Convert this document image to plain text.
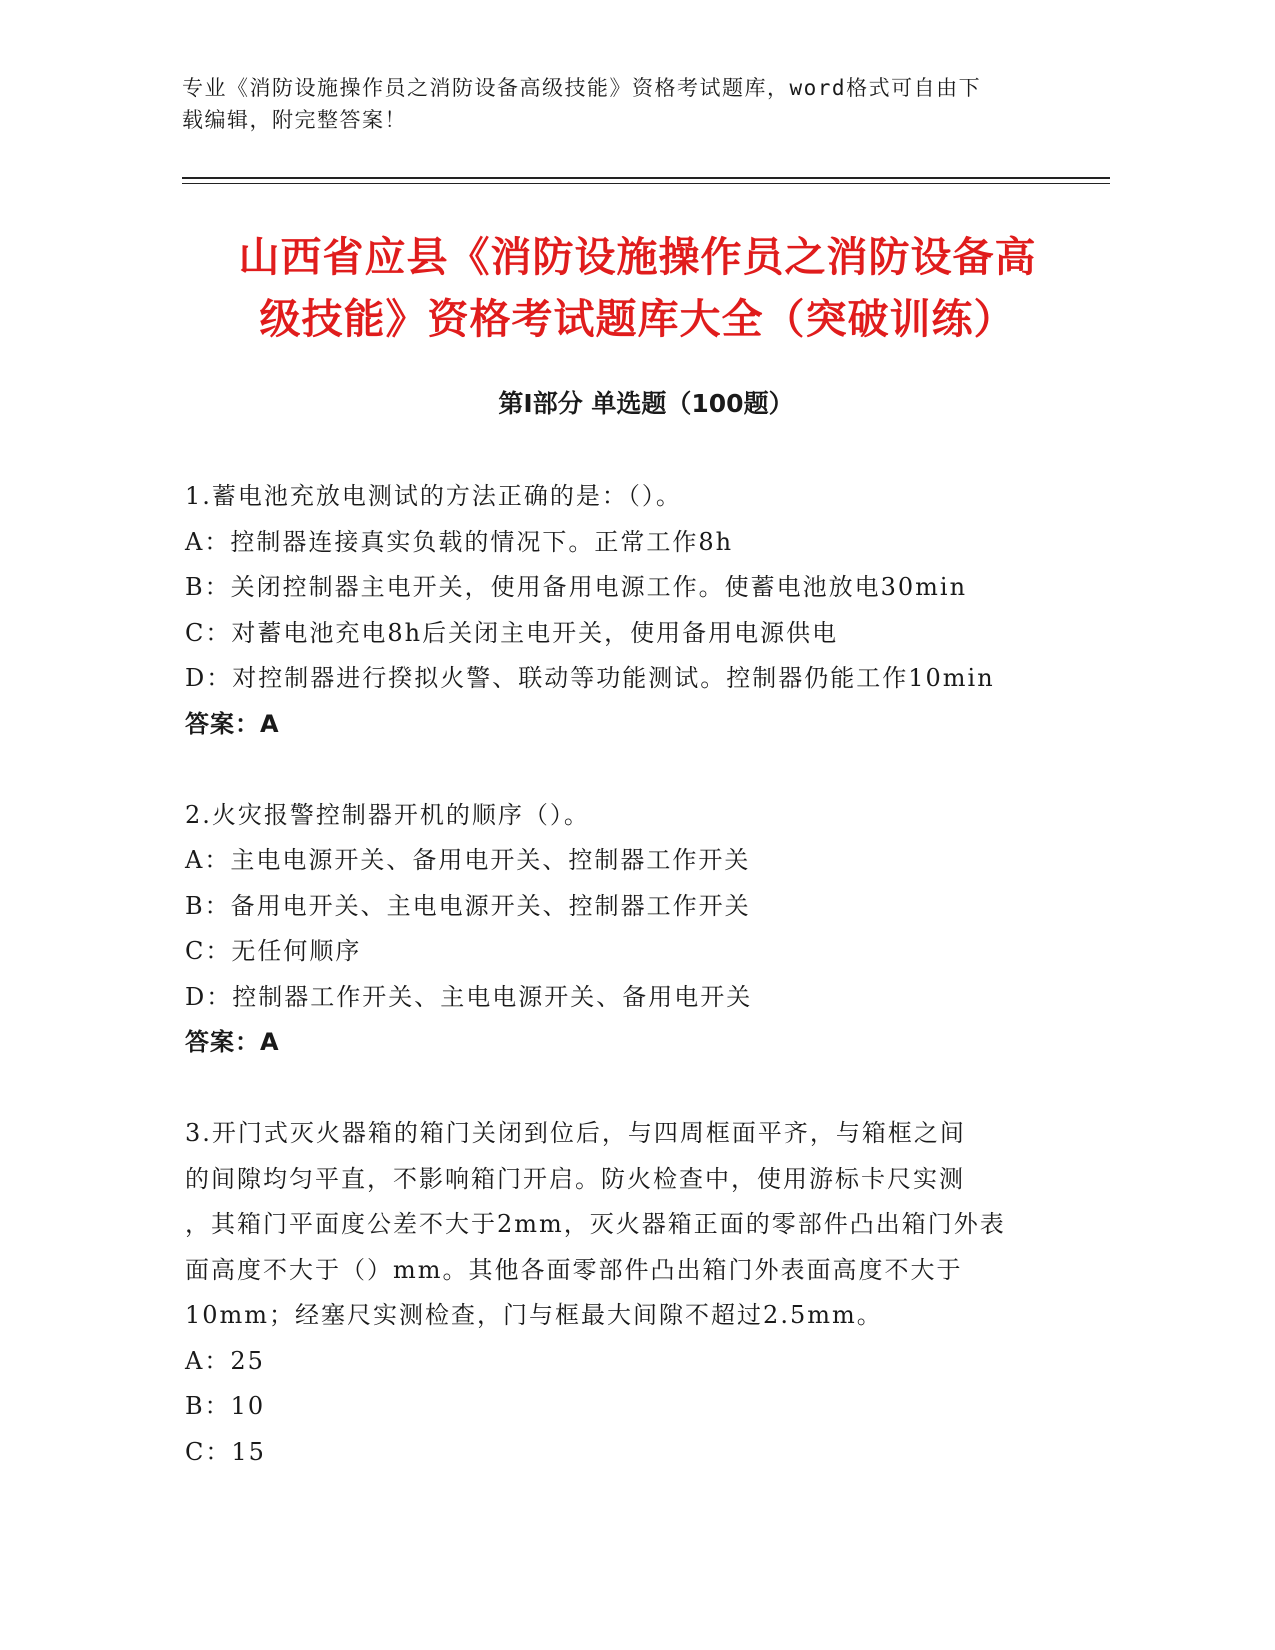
专业《消防设施操作员之消防设备高级技能》资格考试题库，word格式可自由下
载编辑，附完整答案！
山西省应县《消防设施操作员之消防设备高
级技能》资格考试题库大全（突破训练）
第Ⅰ部分 单选题（100题）
1.蓄电池充放电测试的方法正确的是：（）。
A：控制器连接真实负载的情况下。正常工作8h
B：关闭控制器主电开关，使用备用电源工作。使蓄电池放电30min
C：对蓄电池充电8h后关闭主电开关，使用备用电源供电
D：对控制器进行揆拟火警、联动等功能测试。控制器仍能工作10min
答案：A
2.火灾报警控制器开机的顺序（）。
A：主电电源开关、备用电开关、控制器工作开关
B：备用电开关、主电电源开关、控制器工作开关
C：无任何顺序
D：控制器工作开关、主电电源开关、备用电开关
答案：A
3.开门式灭火器箱的箱门关闭到位后，与四周框面平齐，与箱框之间
的间隙均匀平直，不影响箱门开启。防火检查中，使用游标卡尺实测
，其箱门平面度公差不大于2mm，灭火器箱正面的零部件凸出箱门外表
面高度不大于（）mm。其他各面零部件凸出箱门外表面高度不大于
10mm；经塞尺实测检查，门与框最大间隙不超过2.5mm。
A：25
B：10
C：15
